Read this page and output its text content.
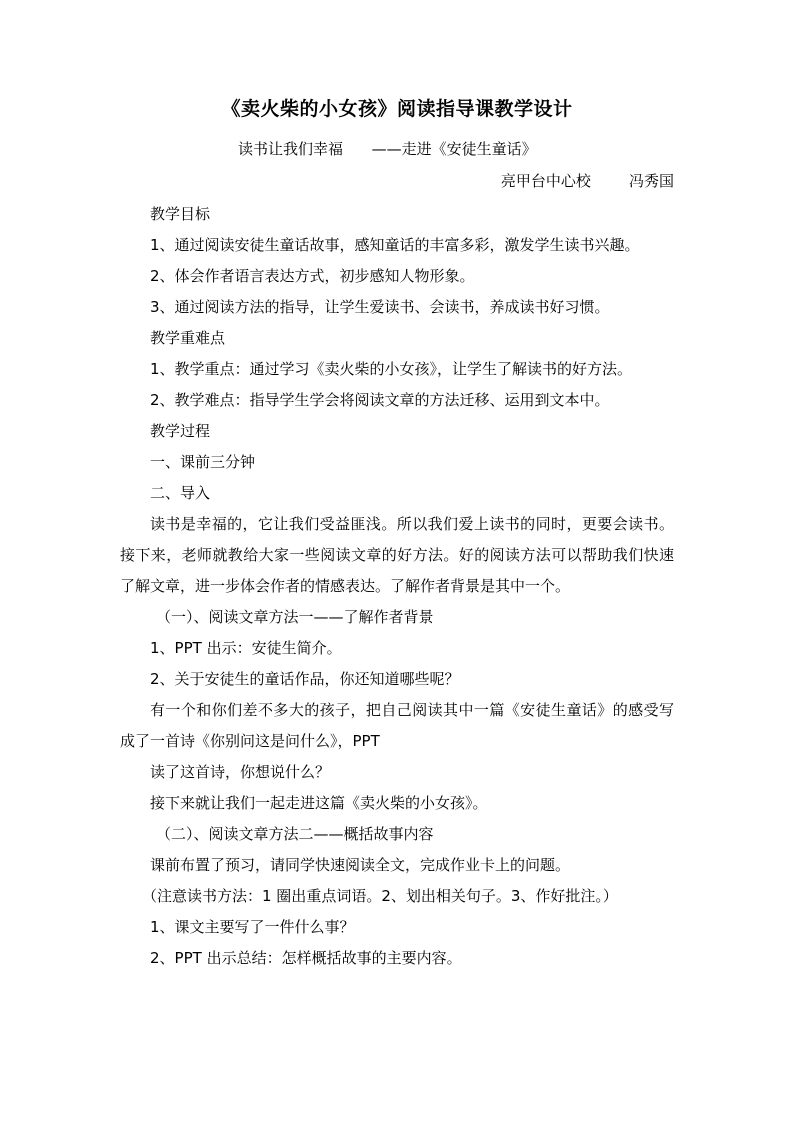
《卖火柴的小女孩》阅读指导课教学设计
读书让我们幸福      ——走进《安徒生童话》
亮甲台中心校        冯秀国

教学目标

1、通过阅读安徒生童话故事，感知童话的丰富多彩，激发学生读书兴趣。

2、体会作者语言表达方式，初步感知人物形象。

3、通过阅读方法的指导，让学生爱读书、会读书，养成读书好习惯。

教学重难点

1、教学重点：通过学习《卖火柴的小女孩》，让学生了解读书的好方法。

2、教学难点：指导学生学会将阅读文章的方法迁移、运用到文本中。

教学过程

一、课前三分钟

二、导入

读书是幸福的，它让我们受益匪浅。所以我们爱上读书的同时，更要会读书。接下来，老师就教给大家一些阅读文章的好方法。好的阅读方法可以帮助我们快速了解文章，进一步体会作者的情感表达。了解作者背景是其中一个。

（一）、阅读文章方法一——了解作者背景

1、PPT 出示：安徒生简介。

2、关于安徒生的童话作品，你还知道哪些呢？

有一个和你们差不多大的孩子，把自己阅读其中一篇《安徒生童话》的感受写成了一首诗《你别问这是问什么》，PPT

读了这首诗，你想说什么？

接下来就让我们一起走进这篇《卖火柴的小女孩》。

（二）、阅读文章方法二——概括故事内容

课前布置了预习，请同学快速阅读全文，完成作业卡上的问题。

（注意读书方法：1 圈出重点词语。2、划出相关句子。3、作好批注。）

1、课文主要写了一件什么事？

2、PPT 出示总结：怎样概括故事的主要内容。
